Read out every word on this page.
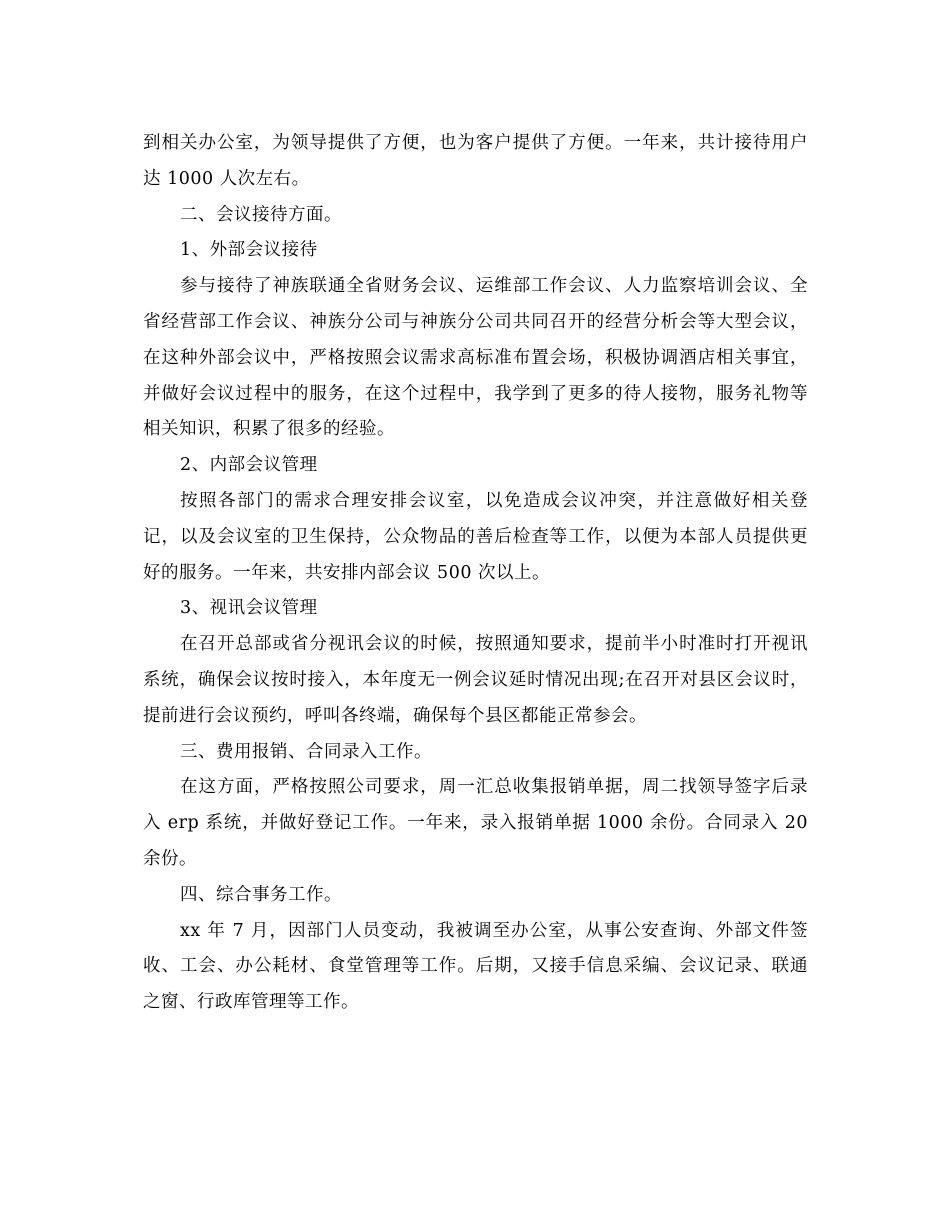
到相关办公室，为领导提供了方便，也为客户提供了方便。一年来，共计接待用户达 1000 人次左右。

二、会议接待方面。

1、外部会议接待

参与接待了神族联通全省财务会议、运维部工作会议、人力监察培训会议、全省经营部工作会议、神族分公司与神族分公司共同召开的经营分析会等大型会议，在这种外部会议中，严格按照会议需求高标准布置会场，积极协调酒店相关事宜，并做好会议过程中的服务，在这个过程中，我学到了更多的待人接物，服务礼物等相关知识，积累了很多的经验。

2、内部会议管理

按照各部门的需求合理安排会议室，以免造成会议冲突，并注意做好相关登记，以及会议室的卫生保持，公众物品的善后检查等工作，以便为本部人员提供更好的服务。一年来，共安排内部会议 500 次以上。

3、视讯会议管理

在召开总部或省分视讯会议的时候，按照通知要求，提前半小时准时打开视讯系统，确保会议按时接入，本年度无一例会议延时情况出现;在召开对县区会议时，提前进行会议预约，呼叫各终端，确保每个县区都能正常参会。

三、费用报销、合同录入工作。

在这方面，严格按照公司要求，周一汇总收集报销单据，周二找领导签字后录入 erp 系统，并做好登记工作。一年来，录入报销单据 1000 余份。合同录入 20 余份。

四、综合事务工作。

xx 年 7 月，因部门人员变动，我被调至办公室，从事公安查询、外部文件签收、工会、办公耗材、食堂管理等工作。后期，又接手信息采编、会议记录、联通之窗、行政库管理等工作。
